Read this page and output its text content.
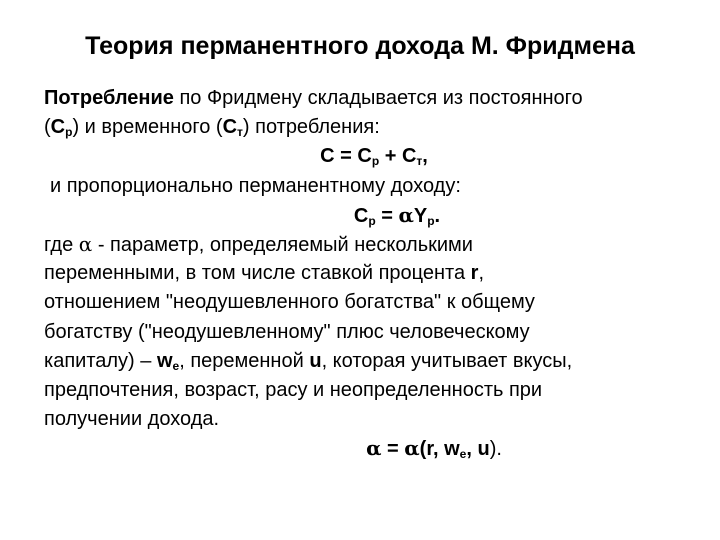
Теория перманентного дохода М. Фридмена
Потребление по Фридмену складывается из постоянного
$(C_p)$ и временного $(C_т)$ потребления:
$C = C_p + C_т$,
и пропорционально перманентному доходу:
$C_p = \alpha Y_p$.
где α - параметр, определяемый несколькими
переменными, в том числе ставкой процента r,
отношением "неодушевленного богатства" к общему
богатству ("неодушевленному" плюс человеческому
капиталу) – $w_e$, переменной u, которая учитывает вкусы,
предпочтения, возраст, расу и неопределенность при
получении дохода.
α = α(r, $w_e$, u).
